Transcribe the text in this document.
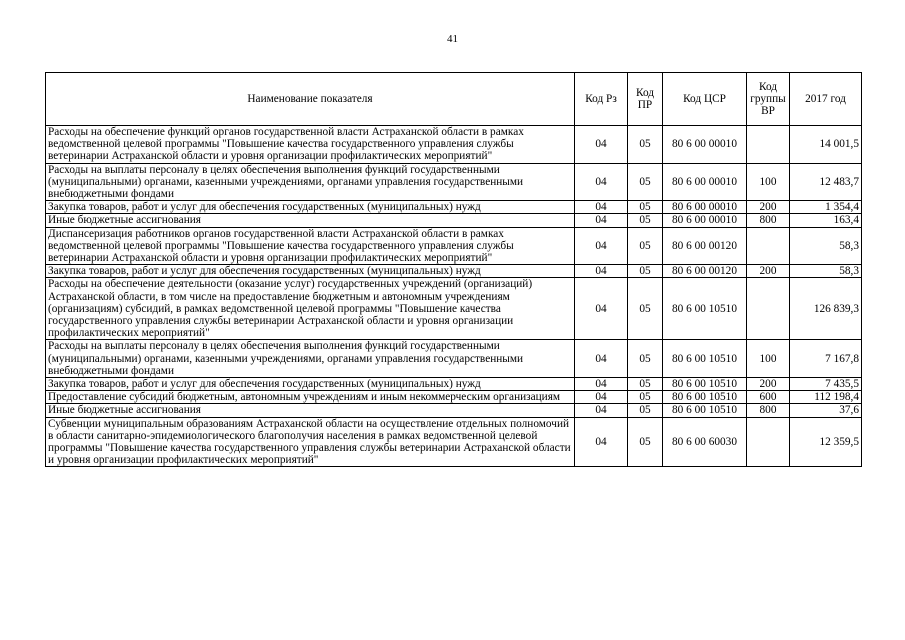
41
Наименование показателя	Код Рз	Код ПР	Код ЦСР	Код группы ВР	2017 год
Расходы на обеспечение функций органов государственной власти Астраханской области в рамках ведомственной целевой программы "Повышение качества государственного управления службы ветеринарии Астраханской области и уровня организации профилактических мероприятий"	04	05	80 6 00 00010		14 001,5
Расходы на выплаты персоналу в целях обеспечения выполнения функций государственными (муниципальными) органами, казенными учреждениями, органами управления государственными внебюджетными фондами	04	05	80 6 00 00010	100	12 483,7
Закупка товаров, работ и услуг для обеспечения государственных (муниципальных) нужд	04	05	80 6 00 00010	200	1 354,4
Иные бюджетные ассигнования	04	05	80 6 00 00010	800	163,4
Диспансеризация работников органов государственной власти Астраханской области в рамках ведомственной целевой программы "Повышение качества государственного управления службы ветеринарии Астраханской области и уровня организации профилактических мероприятий"	04	05	80 6 00 00120		58,3
Закупка товаров, работ и услуг для обеспечения государственных (муниципальных) нужд	04	05	80 6 00 00120	200	58,3
Расходы на обеспечение деятельности (оказание услуг) государственных учреждений (организаций) Астраханской области, в том числе на предоставление бюджетным и автономным учреждениям (организациям) субсидий, в рамках ведомственной целевой программы "Повышение качества государственного управления службы ветеринарии Астраханской области и уровня организации профилактических мероприятий"	04	05	80 6 00 10510		126 839,3
Расходы на выплаты персоналу в целях обеспечения выполнения функций государственными (муниципальными) органами, казенными учреждениями, органами управления государственными внебюджетными фондами	04	05	80 6 00 10510	100	7 167,8
Закупка товаров, работ и услуг для обеспечения государственных (муниципальных) нужд	04	05	80 6 00 10510	200	7 435,5
Предоставление субсидий бюджетным, автономным учреждениям и иным некоммерческим организациям	04	05	80 6 00 10510	600	112 198,4
Иные бюджетные ассигнования	04	05	80 6 00 10510	800	37,6
Субвенции муниципальным образованиям Астраханской области на осуществление отдельных полномочий в области санитарно-эпидемиологического благополучия населения в рамках ведомственной целевой программы "Повышение качества государственного управления службы ветеринарии Астраханской области и уровня организации профилактических мероприятий"	04	05	80 6 00 60030		12 359,5
